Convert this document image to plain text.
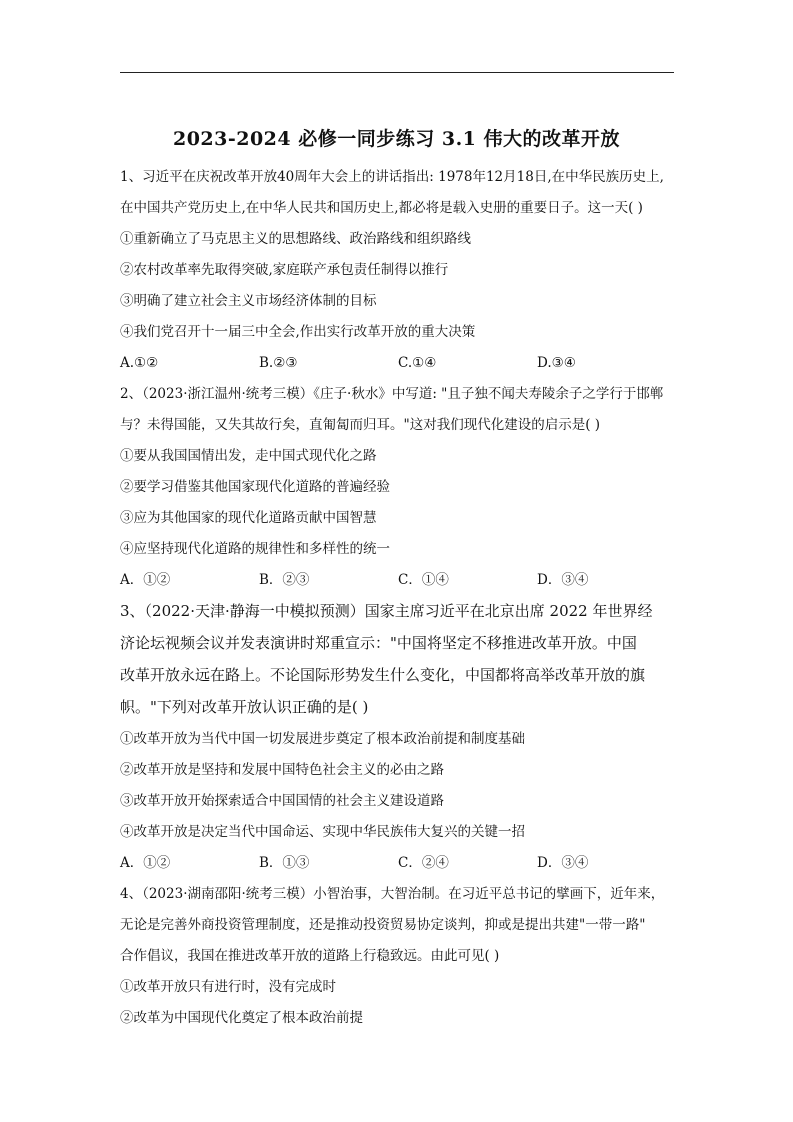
2023-2024 必修一同步练习 3.1 伟大的改革开放
1、习近平在庆祝改革开放40周年大会上的讲话指出: 1978年12月18日,在中华民族历史上,
在中国共产党历史上,在中华人民共和国历史上,都必将是载入史册的重要日子。这一天( )
①重新确立了马克思主义的思想路线、政治路线和组织路线
②农村改革率先取得突破,家庭联产承包责任制得以推行
③明确了建立社会主义市场经济体制的目标
④我们党召开十一届三中全会,作出实行改革开放的重大决策
A.①②	B.②③	C.①④	D.③④
2、（2023·浙江温州·统考三模）《庄子·秋水》中写道: "且子独不闻夫寿陵余子之学行于邯郸
与？未得国能，又失其故行矣，直匍匐而归耳。"这对我们现代化建设的启示是( )
①要从我国国情出发，走中国式现代化之路
②要学习借鉴其他国家现代化道路的普遍经验
③应为其他国家的现代化道路贡献中国智慧
④应坚持现代化道路的规律性和多样性的统一
A．①②	B．②③	C．①④	D．③④
3、（2022·天津·静海一中模拟预测）国家主席习近平在北京出席 2022 年世界经
济论坛视频会议并发表演讲时郑重宣示："中国将坚定不移推进改革开放。中国
改革开放永远在路上。不论国际形势发生什么变化，中国都将高举改革开放的旗
帜。"下列对改革开放认识正确的是( )
①改革开放为当代中国一切发展进步奠定了根本政治前提和制度基础
②改革开放是坚持和发展中国特色社会主义的必由之路
③改革开放开始探索适合中国国情的社会主义建设道路
④改革开放是决定当代中国命运、实现中华民族伟大复兴的关键一招
A．①②	B．①③	C．②④	D．③④
4、（2023·湖南邵阳·统考三模）小智治事，大智治制。在习近平总书记的擘画下，近年来，
无论是完善外商投资管理制度，还是推动投资贸易协定谈判，抑或是提出共建"一带一路"
合作倡议，我国在推进改革开放的道路上行稳致远。由此可见( )
①改革开放只有进行时，没有完成时
②改革为中国现代化奠定了根本政治前提
